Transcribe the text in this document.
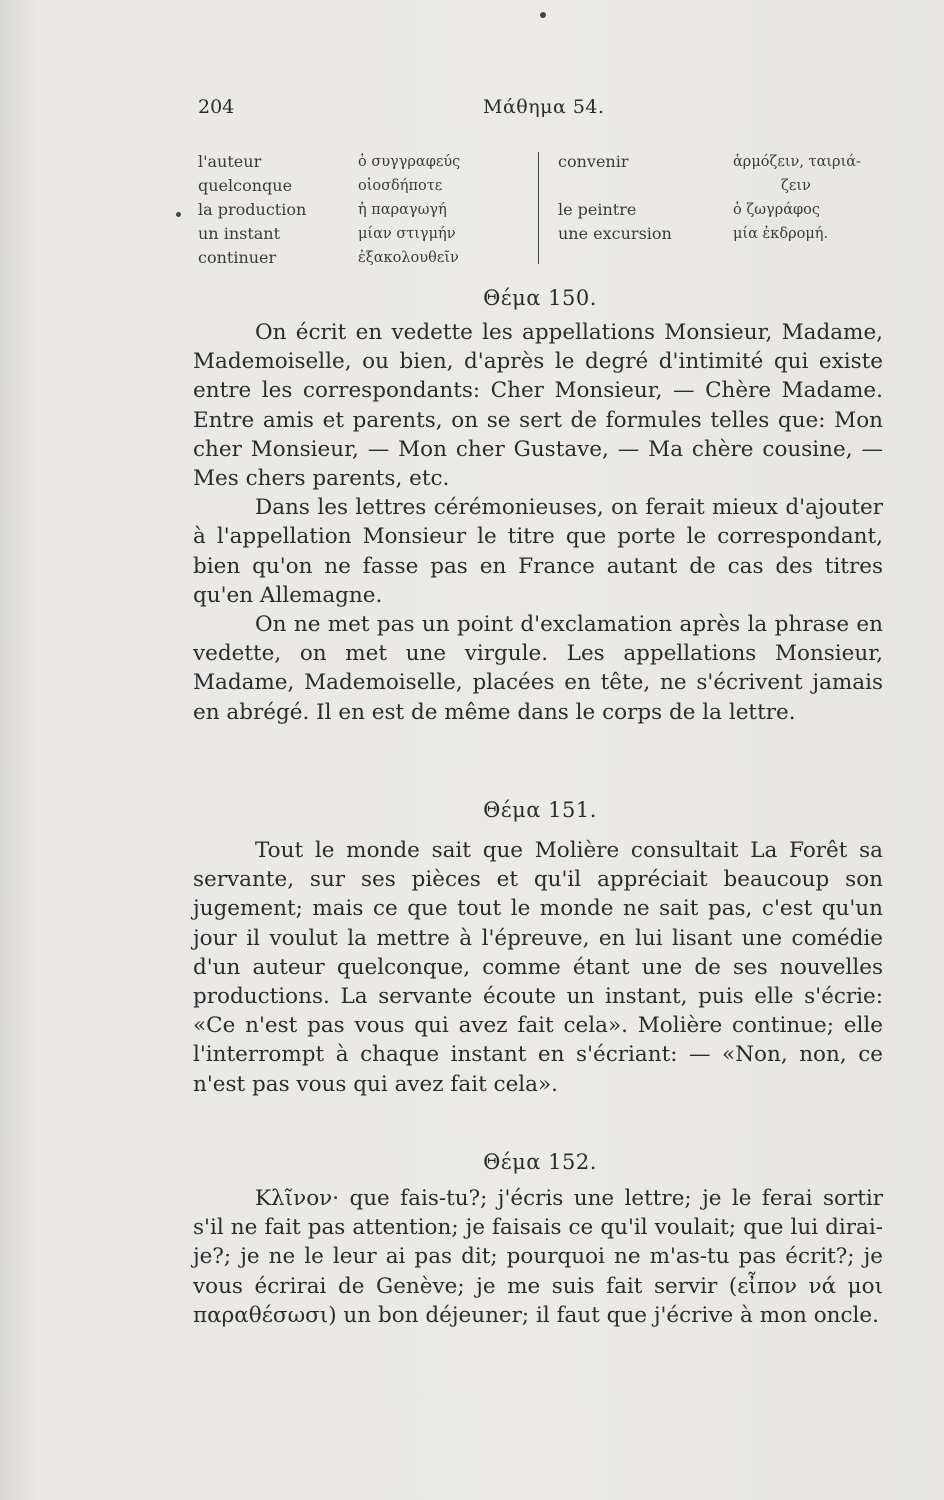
204	Μάθημα 54.
l'auteur
quelconque
la production
un instant
continuer
ὁ συγγραφεύς
οἱοσδήποτε
ἡ παραγωγή
μίαν στιγμήν
ἐξακολουθεῖν
convenir
le peintre
une excursion
ἁρμόζειν, ταιριά-
ζειν
ὁ ζωγράφος
μία ἐκδρομή.
Θέμα 150.

On écrit en vedette les appellations Monsieur, Madame, Mademoiselle, ou bien, d'après le degré d'intimité qui existe entre les correspondants: Cher Monsieur, — Chère Madame. Entre amis et parents, on se sert de formules telles que: Mon cher Monsieur, — Mon cher Gustave, — Ma chère cousine, — Mes chers parents, etc.

Dans les lettres cérémonieuses, on ferait mieux d'ajouter à l'appellation Monsieur le titre que porte le correspondant, bien qu'on ne fasse pas en France autant de cas des titres qu'en Allemagne.

On ne met pas un point d'exclamation après la phrase en vedette, on met une virgule. Les appellations Monsieur, Madame, Mademoiselle, placées en tête, ne s'écrivent jamais en abrégé. Il en est de même dans le corps de la lettre.

Θέμα 151.

Tout le monde sait que Molière consultait La Forêt sa servante, sur ses pièces et qu'il appréciait beaucoup son jugement; mais ce que tout le monde ne sait pas, c'est qu'un jour il voulut la mettre à l'épreuve, en lui lisant une comédie d'un auteur quelconque, comme étant une de ses nouvelles productions. La servante écoute un instant, puis elle s'écrie: «Ce n'est pas vous qui avez fait cela». Molière continue; elle l'interrompt à chaque instant en s'écriant: — «Non, non, ce n'est pas vous qui avez fait cela».

Θέμα 152.

Κλῖνον· que fais-tu?; j'écris une lettre; je le ferai sortir s'il ne fait pas attention; je faisais ce qu'il voulait; que lui dirai-je?; je ne le leur ai pas dit; pourquoi ne m'as-tu pas écrit?; je vous écrirai de Genève; je me suis fait servir (εἶπον νά μοι παραθέσωσι) un bon déjeuner; il faut que j'écrive à mon oncle.
